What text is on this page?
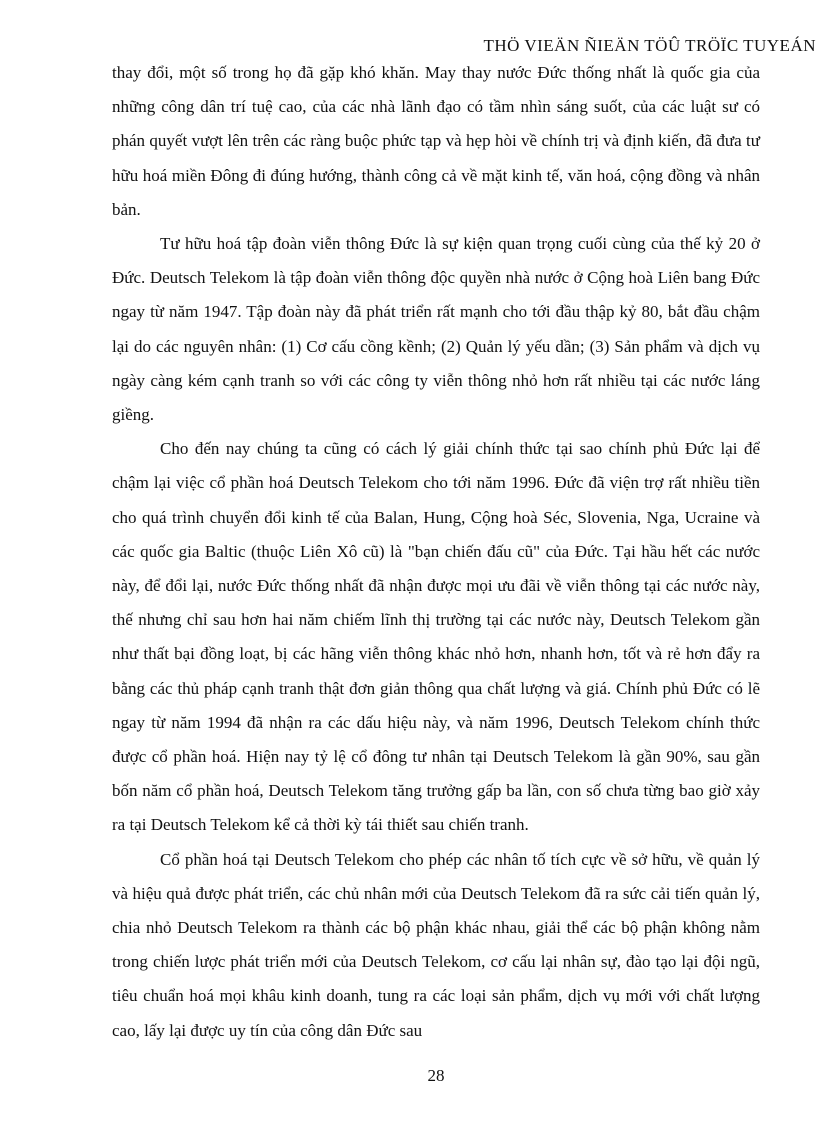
THÖ VIEÄN ÑIEÄN TÖÛ TRÖÏC TUYEÁN

thay đổi, một số trong họ đã gặp khó khăn. May thay nước Đức thống nhất là quốc gia của những công dân trí tuệ cao, của các nhà lãnh đạo có tầm nhìn sáng suốt, của các luật sư có phán quyết vượt lên trên các ràng buộc phức tạp và hẹp hòi về chính trị và định kiến, đã đưa tư hữu hoá miền Đông đi đúng hướng, thành công cả về mặt kinh tế, văn hoá, cộng đồng và nhân bản.

Tư hữu hoá tập đoàn viễn thông Đức là sự kiện quan trọng cuối cùng của thế kỷ 20 ở Đức. Deutsch Telekom là tập đoàn viễn thông độc quyền nhà nước ở Cộng hoà Liên bang Đức ngay từ năm 1947. Tập đoàn này đã phát triển rất mạnh cho tới đầu thập kỷ 80, bắt đầu chậm lại do các nguyên nhân: (1) Cơ cấu cồng kềnh; (2) Quản lý yếu dần; (3) Sản phẩm và dịch vụ ngày càng kém cạnh tranh so với các công ty viễn thông nhỏ hơn rất nhiều tại các nước láng giềng.

Cho đến nay chúng ta cũng có cách lý giải chính thức tại sao chính phủ Đức lại để chậm lại việc cổ phần hoá Deutsch Telekom cho tới năm 1996. Đức đã viện trợ rất nhiều tiền cho quá trình chuyển đổi kinh tế của Balan, Hung, Cộng hoà Séc, Slovenia, Nga, Ucraine và các quốc gia Baltic (thuộc Liên Xô cũ) là "bạn chiến đấu cũ" của Đức. Tại hầu hết các nước này, để đổi lại, nước Đức thống nhất đã nhận được mọi ưu đãi về viễn thông tại các nước này, thế nhưng chỉ sau hơn hai năm chiếm lĩnh thị trường tại các nước này, Deutsch Telekom gần như thất bại đồng loạt, bị các hãng viễn thông khác nhỏ hơn, nhanh hơn, tốt và rẻ hơn đẩy ra bằng các thủ pháp cạnh tranh thật đơn giản thông qua chất lượng và giá. Chính phủ Đức có lẽ ngay từ năm 1994 đã nhận ra các dấu hiệu này, và năm 1996, Deutsch Telekom chính thức được cổ phần hoá. Hiện nay tỷ lệ cổ đông tư nhân tại Deutsch Telekom là gần 90%, sau gần bốn năm cổ phần hoá, Deutsch Telekom tăng trưởng gấp ba lần, con số chưa từng bao giờ xảy ra tại Deutsch Telekom kể cả thời kỳ tái thiết sau chiến tranh.

Cổ phần hoá tại Deutsch Telekom cho phép các nhân tố tích cực về sở hữu, về quản lý và hiệu quả được phát triển, các chủ nhân mới của Deutsch Telekom đã ra sức cải tiến quản lý, chia nhỏ Deutsch Telekom ra thành các bộ phận khác nhau, giải thể các bộ phận không nằm trong chiến lược phát triển mới của Deutsch Telekom, cơ cấu lại nhân sự, đào tạo lại đội ngũ, tiêu chuẩn hoá mọi khâu kinh doanh, tung ra các loại sản phẩm, dịch vụ mới với chất lượng cao, lấy lại được uy tín của công dân Đức sau

28
